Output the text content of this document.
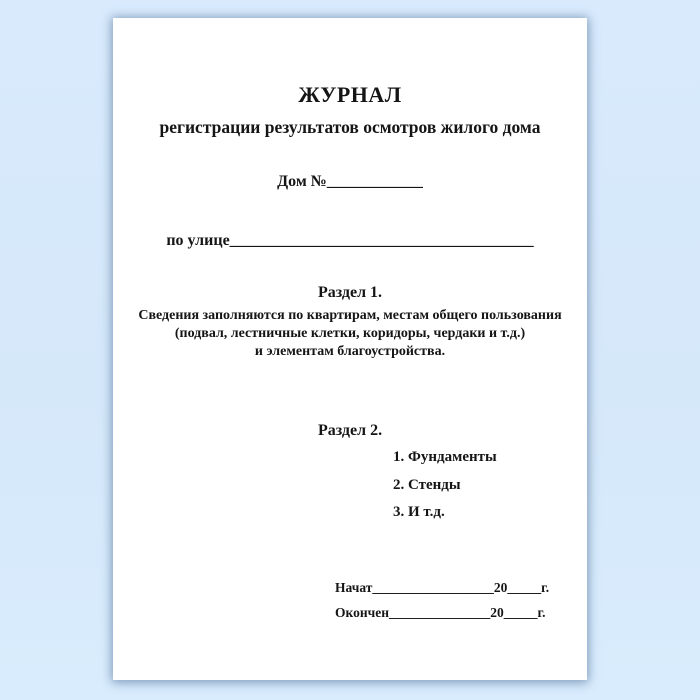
ЖУРНАЛ
регистрации результатов осмотров жилого дома
Дом №____________
по улице______________________________________
Раздел 1.
Сведения заполняются по квартирам, местам общего пользования
(подвал, лестничные клетки, коридоры, чердаки и т.д.)
и элементам благоустройства.
Раздел 2.
1. Фундаменты
2. Стенды
3. И т.д.
Начат__________________20_____г.
Окончен_______________20_____г.
